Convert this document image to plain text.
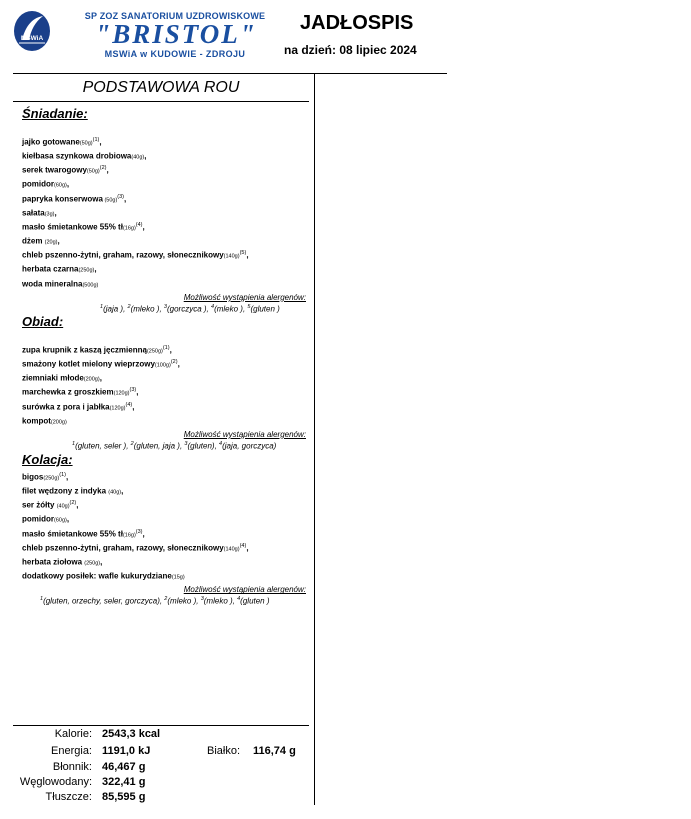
MSWiA
SP ZOZ SANATORIUM UZDROWISKOWE
"BRISTOL"
MSWiA w KUDOWIE - ZDROJU
JADŁOSPIS
na dzień: 08 lipiec 2024
PODSTAWOWA ROU
Śniadanie:
jajko $gotowane(50g)^{(1)}$,
kiełbasa szynkowa drobiowa(40g),
serek $twarogowy(50g)^{(2)}$,
pomidor(60g),
papryka konserwowa $(50g)^{(3)}$,
sałata(3g),
masło śmietankowe 55% $tł(16g)^{(4)}$,
dżem (20g),
chleb pszenno-żytni, graham, razowy, $słonecznikowy(140g)^{(5)}$,
herbata czarna(250g),
woda mineralna(500g)
Możliwość wystąpienia alergenów:
$^1$(jaja ), $^2$(mleko ), $^3$(gorczyca ), $^4$(mleko ), $^5$(gluten )
Obiad:
zupa krupnik z kaszą $jęczmienną(250g)^{(1)}$,
smażony kotlet mielony $wieprzowy(100g)^{(2)}$,
ziemniaki młode(200g),
marchewka z $groszkiem(120g)^{(3)}$,
surówka z pora i $jabłka(120g)^{(4)}$,
kompot(200g)
Możliwość wystąpienia alergenów:
$^1$(gluten, seler ), $^2$(gluten, jaja ), $^3$(gluten), $^4$(jaja, gorczyca)
Kolacja:
$bigos(250g)^{(1)}$,
filet wędzony z indyka (40g),
ser żółty $(40g)^{(2)}$,
pomidor(60g),
masło śmietankowe 55% $tł(16g)^{(3)}$,
chleb pszenno-żytni, graham, razowy, $słonecznikowy(140g)^{(4)}$,
herbata ziołowa (250g),
dodatkowy posiłek: wafle kukurydziane(15g)
Możliwość wystąpienia alergenów:
$^1$(gluten, orzechy, seler, gorczyca), $^2$(mleko ), $^3$(mleko ), $^4$(gluten )
Kalorie: 2543,3 kcal
Energia: 1191,0 kJ	Białko: 116,74 g
Błonnik: 46,467 g
Węglowodany: 322,41 g
Tłuszcze: 85,595 g
